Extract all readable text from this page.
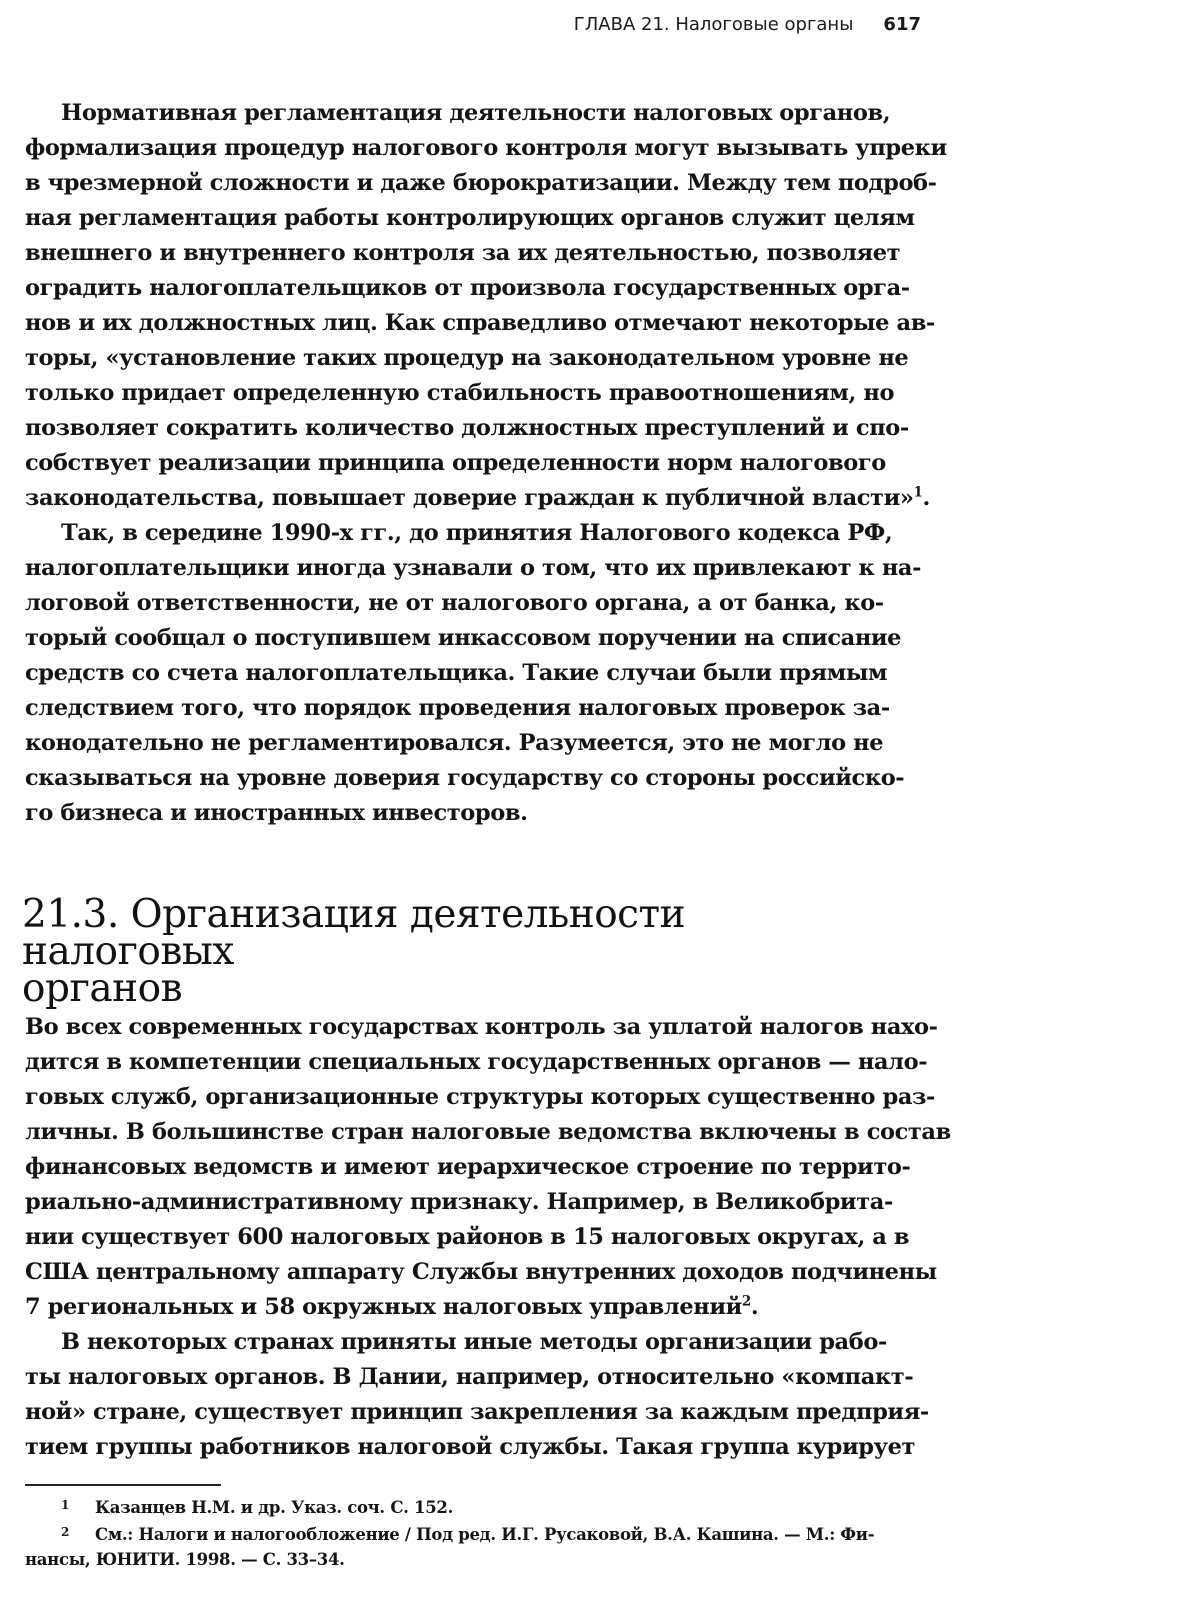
ГЛАВА 21. Налоговые органы 617
Нормативная регламентация деятельности налоговых органов,
формализация процедур налогового контроля могут вызывать упреки
в чрезмерной сложности и даже бюрократизации. Между тем подроб-
ная регламентация работы контролирующих органов служит целям
внешнего и внутреннего контроля за их деятельностью, позволяет
оградить налогоплательщиков от произвола государственных орга-
нов и их должностных лиц. Как справедливо отмечают некоторые ав-
торы, «установление таких процедур на законодательном уровне не
только придает определенную стабильность правоотношениям, но
позволяет сократить количество должностных преступлений и спо-
собствует реализации принципа определенности норм налогового
законодательства, повышает доверие граждан к публичной власти»$^1$.
Так, в середине 1990-х гг., до принятия Налогового кодекса РФ,
налогоплательщики иногда узнавали о том, что их привлекают к на-
логовой ответственности, не от налогового органа, а от банка, ко-
торый сообщал о поступившем инкассовом поручении на списание
средств со счета налогоплательщика. Такие случаи были прямым
следствием того, что порядок проведения налоговых проверок за-
конодательно не регламентировался. Разумеется, это не могло не
сказываться на уровне доверия государству со стороны российско-
го бизнеса и иностранных инвесторов.
21.3. Организация деятельности налоговых
органов
Во всех современных государствах контроль за уплатой налогов нахо-
дится в компетенции специальных государственных органов — нало-
говых служб, организационные структуры которых существенно раз-
личны. В большинстве стран налоговые ведомства включены в состав
финансовых ведомств и имеют иерархическое строение по террито-
риально-административному признаку. Например, в Великобрита-
нии существует 600 налоговых районов в 15 налоговых округах, а в
США центральному аппарату Службы внутренних доходов подчинены
7 региональных и 58 окружных налоговых управлений$^2$.
В некоторых странах приняты иные методы организации рабо-
ты налоговых органов. В Дании, например, относительно «компакт-
ной» стране, существует принцип закрепления за каждым предприя-
тием группы работников налоговой службы. Такая группа курирует
1 Казанцев Н.М. и др. Указ. соч. С. 152.
2 См.: Налоги и налогообложение / Под ред. И.Г. Русаковой, В.А. Кашина. — М.: Фи-
нансы, ЮНИТИ. 1998. — С. 33–34.
